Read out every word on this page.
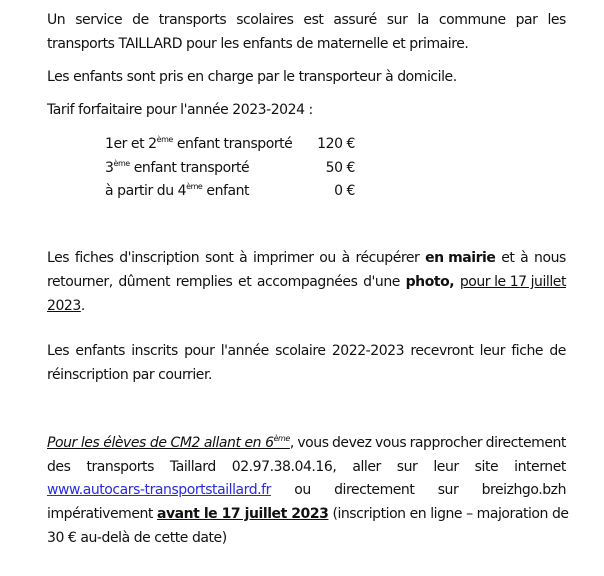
Un service de transports scolaires est assuré sur la commune par les
transports TAILLARD pour les enfants de maternelle et primaire.
Les enfants sont pris en charge par le transporteur à domicile.
Tarif forfaitaire pour l'année 2023-2024 :
1er et 2ème enfant transporté 120 €
3ème enfant transporté	50 €
à partir du 4ème enfant	0 €
Les fiches d'inscription sont à imprimer ou à récupérer en mairie et à nous
retourner, dûment remplies et accompagnées d'une photo, pour le 17 juillet
2023.
Les enfants inscrits pour l'année scolaire 2022-2023 recevront leur fiche de
réinscription par courrier.
Pour les élèves de CM2 allant en 6ème, vous devez vous rapprocher directement
des transports Taillard 02.97.38.04.16, aller sur leur site internet
www.autocars-transportstaillard.fr ou directement sur breizhgo.bzh
impérativement avant le 17 juillet 2023 (inscription en ligne – majoration de
30 € au-delà de cette date)
